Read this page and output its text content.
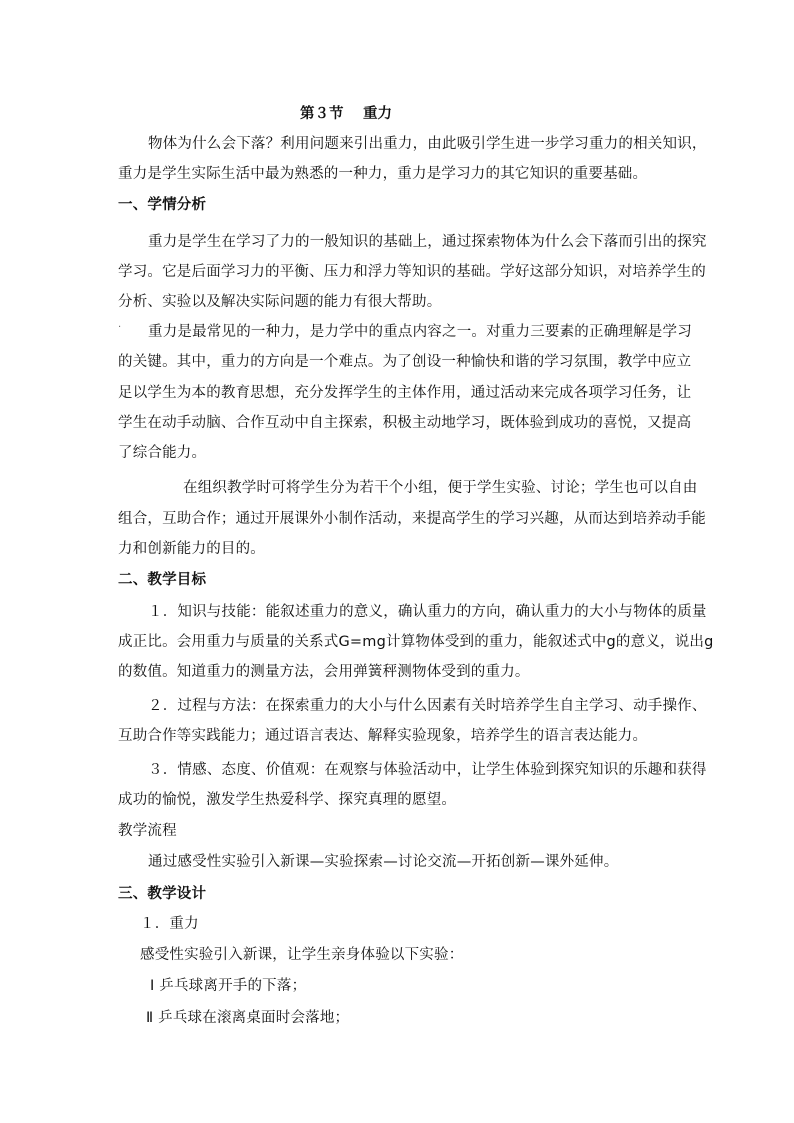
第３节　 重力
物体为什么会下落？利用问题来引出重力，由此吸引学生进一步学习重力的相关知识，
重力是学生实际生活中最为熟悉的一种力，重力是学习力的其它知识的重要基础。
一、学情分析
重力是学生在学习了力的一般知识的基础上，通过探索物体为什么会下落而引出的探究
学习。它是后面学习力的平衡、压力和浮力等知识的基础。学好这部分知识，对培养学生的
分析、实验以及解决实际问题的能力有很大帮助。
· 重力是最常见的一种力，是力学中的重点内容之一。对重力三要素的正确理解是学习
的关键。其中，重力的方向是一个难点。为了创设一种愉快和谐的学习氛围，教学中应立
足以学生为本的教育思想，充分发挥学生的主体作用，通过活动来完成各项学习任务，让
学生在动手动脑、合作互动中自主探索，积极主动地学习，既体验到成功的喜悦，又提高
了综合能力。
在组织教学时可将学生分为若干个小组，便于学生实验、讨论；学生也可以自由
组合，互助合作；通过开展课外小制作活动，来提高学生的学习兴趣，从而达到培养动手能
力和创新能力的目的。
二、教学目标
１．知识与技能：能叙述重力的意义，确认重力的方向，确认重力的大小与物体的质量
成正比。会用重力与质量的关系式G=mg计算物体受到的重力，能叙述式中g的意义，说出g
的数值。知道重力的测量方法，会用弹簧秤测物体受到的重力。
２．过程与方法：在探索重力的大小与什么因素有关时培养学生自主学习、动手操作、
互助合作等实践能力；通过语言表达、解释实验现象，培养学生的语言表达能力。
３．情感、态度、价值观：在观察与体验活动中，让学生体验到探究知识的乐趣和获得
成功的愉悦，激发学生热爱科学、探究真理的愿望。
教学流程
通过感受性实验引入新课—实验探索—讨论交流—开拓创新—课外延伸。
三、教学设计
１．重力
感受性实验引入新课，让学生亲身体验以下实验：
Ⅰ 乒乓球离开手的下落；
Ⅱ 乒乓球在滚离桌面时会落地；
